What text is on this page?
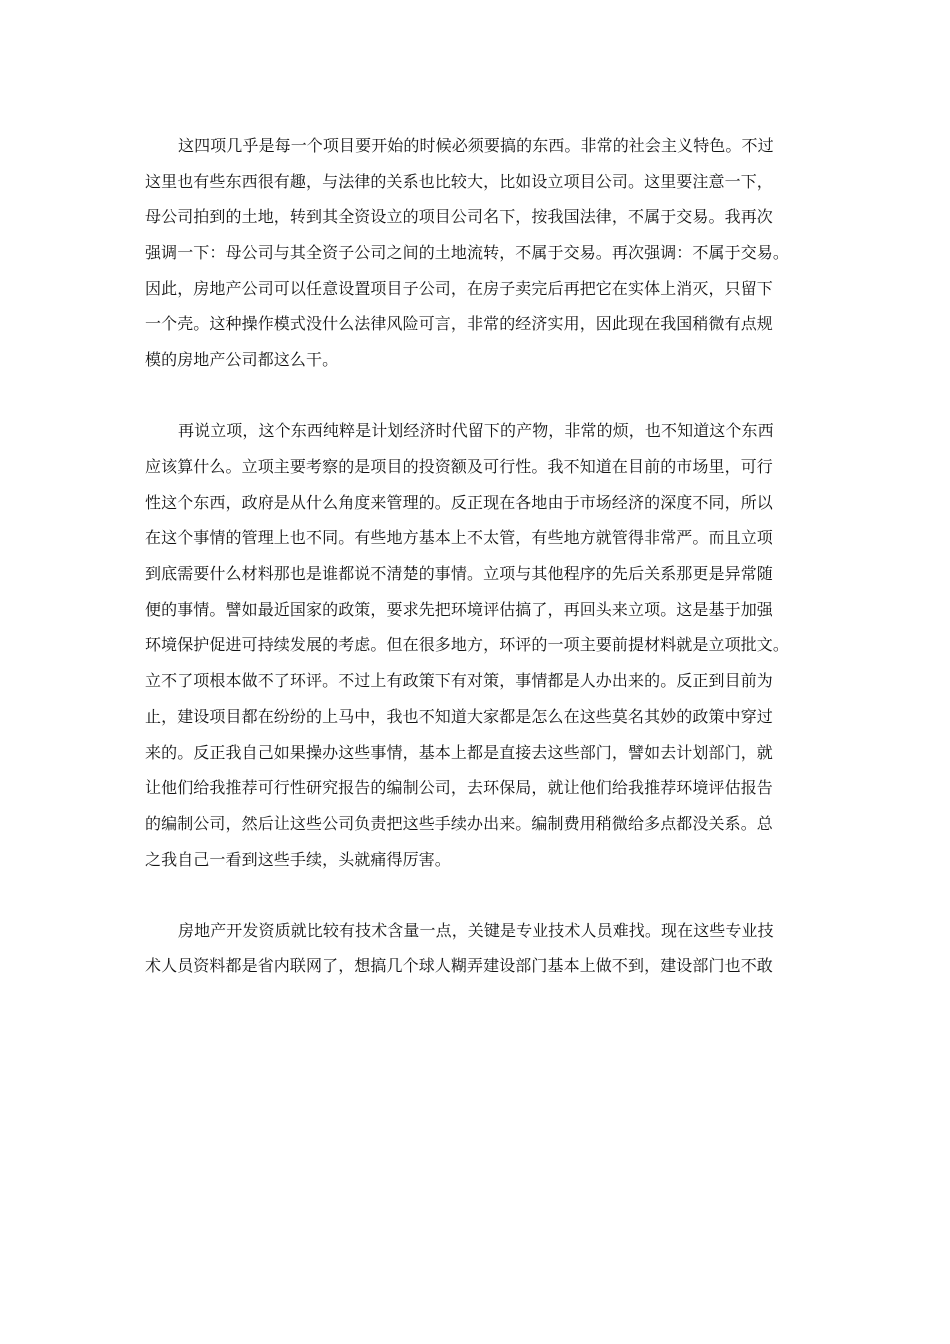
这四项几乎是每一个项目要开始的时候必须要搞的东西。非常的社会主义特色。不过
这里也有些东西很有趣，与法律的关系也比较大，比如设立项目公司。这里要注意一下，
母公司拍到的土地，转到其全资设立的项目公司名下，按我国法律，不属于交易。我再次
强调一下：母公司与其全资子公司之间的土地流转，不属于交易。再次强调：不属于交易。
因此，房地产公司可以任意设置项目子公司，在房子卖完后再把它在实体上消灭，只留下
一个壳。这种操作模式没什么法律风险可言，非常的经济实用，因此现在我国稍微有点规
模的房地产公司都这么干。
再说立项，这个东西纯粹是计划经济时代留下的产物，非常的烦，也不知道这个东西
应该算什么。立项主要考察的是项目的投资额及可行性。我不知道在目前的市场里，可行
性这个东西，政府是从什么角度来管理的。反正现在各地由于市场经济的深度不同，所以
在这个事情的管理上也不同。有些地方基本上不太管，有些地方就管得非常严。而且立项
到底需要什么材料那也是谁都说不清楚的事情。立项与其他程序的先后关系那更是异常随
便的事情。譬如最近国家的政策，要求先把环境评估搞了，再回头来立项。这是基于加强
环境保护促进可持续发展的考虑。但在很多地方，环评的一项主要前提材料就是立项批文。
立不了项根本做不了环评。不过上有政策下有对策，事情都是人办出来的。反正到目前为
止，建设项目都在纷纷的上马中，我也不知道大家都是怎么在这些莫名其妙的政策中穿过
来的。反正我自己如果操办这些事情，基本上都是直接去这些部门，譬如去计划部门，就
让他们给我推荐可行性研究报告的编制公司，去环保局，就让他们给我推荐环境评估报告
的编制公司，然后让这些公司负责把这些手续办出来。编制费用稍微给多点都没关系。总
之我自己一看到这些手续，头就痛得厉害。
房地产开发资质就比较有技术含量一点，关键是专业技术人员难找。现在这些专业技
术人员资料都是省内联网了，想搞几个球人糊弄建设部门基本上做不到，建设部门也不敢
